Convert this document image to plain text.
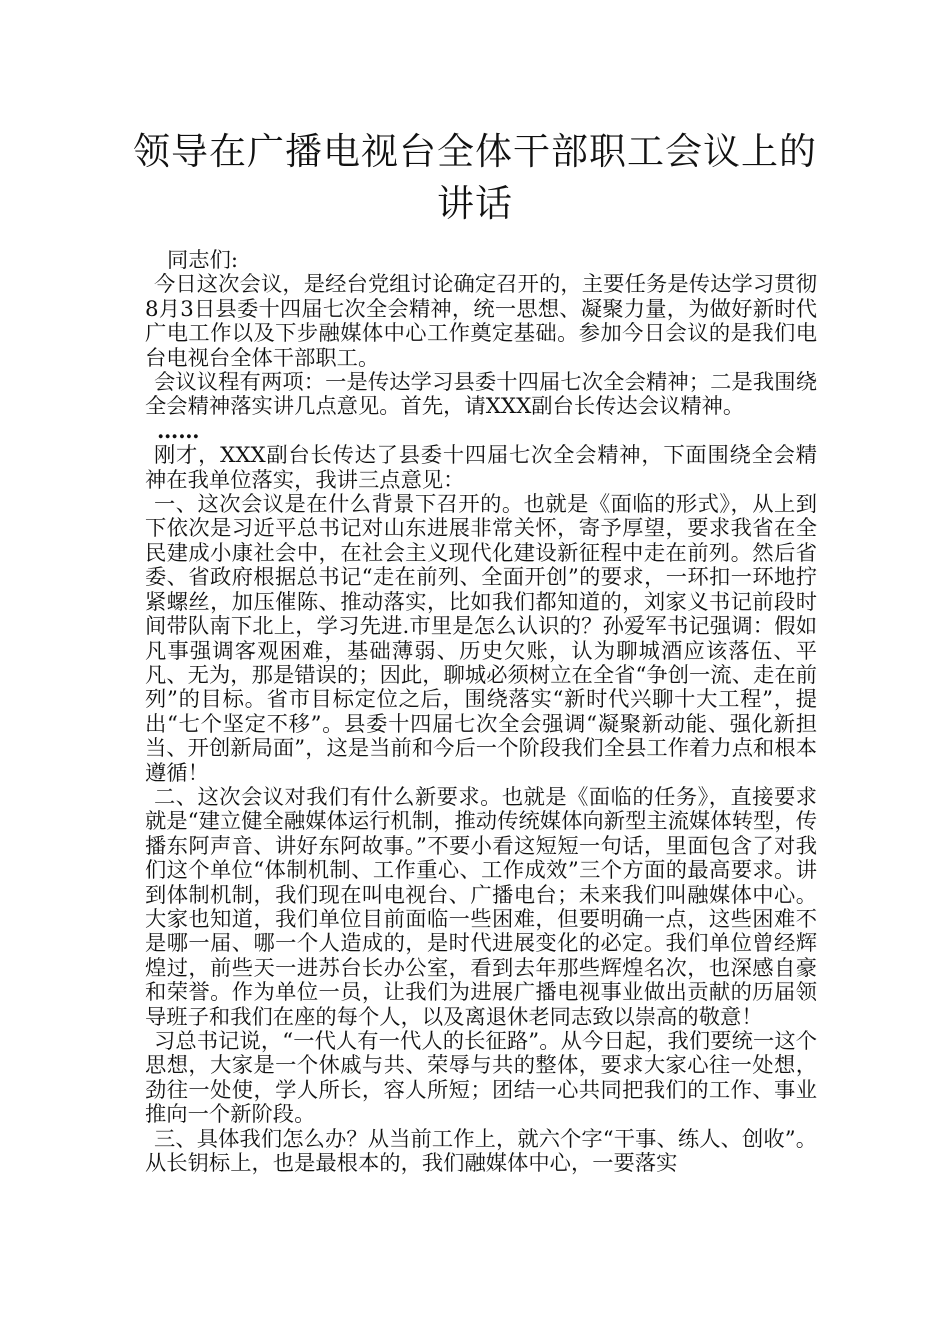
领导在广播电视台全体干部职工会议上的
讲话

同志们:

今日这次会议，是经台党组讨论确定召开的，主要任务是传达学习贯彻8月3日县委十四届七次全会精神，统一思想、凝聚力量，为做好新时代广电工作以及下步融媒体中心工作奠定基础。参加今日会议的是我们电台电视台全体干部职工。

会议议程有两项：一是传达学习县委十四届七次全会精神；二是我围绕全会精神落实讲几点意见。首先，请XXX副台长传达会议精神。

……

刚才，XXX副台长传达了县委十四届七次全会精神，下面围绕全会精神在我单位落实，我讲三点意见：

一、这次会议是在什么背景下召开的。也就是《面临的形式》，从上到下依次是习近平总书记对山东进展非常关怀，寄予厚望，要求我省在全民建成小康社会中，在社会主义现代化建设新征程中走在前列。然后省委、省政府根据总书记“走在前列、全面开创”的要求，一环扣一环地拧紧螺丝，加压催陈、推动落实，比如我们都知道的，刘家义书记前段时间带队南下北上，学习先进.市里是怎么认识的？孙爱军书记强调：假如凡事强调客观困难，基础薄弱、历史欠账，认为聊城酒应该落伍、平凡、无为，那是错误的；因此，聊城必须树立在全省“争创一流、走在前列”的目标。省市目标定位之后，围绕落实“新时代兴聊十大工程”，提出“七个坚定不移”。县委十四届七次全会强调“凝聚新动能、强化新担当、开创新局面”，这是当前和今后一个阶段我们全县工作着力点和根本遵循！

二、这次会议对我们有什么新要求。也就是《面临的任务》，直接要求就是“建立健全融媒体运行机制，推动传统媒体向新型主流媒体转型，传播东阿声音、讲好东阿故事。”不要小看这短短一句话，里面包含了对我们这个单位“体制机制、工作重心、工作成效”三个方面的最高要求。讲到体制机制，我们现在叫电视台、广播电台；未来我们叫融媒体中心。大家也知道，我们单位目前面临一些困难，但要明确一点，这些困难不是哪一届、哪一个人造成的，是时代进展变化的必定。我们单位曾经辉煌过，前些天一进苏台长办公室，看到去年那些辉煌名次，也深感自豪和荣誉。作为单位一员，让我们为进展广播电视事业做出贡献的历届领导班子和我们在座的每个人，以及离退休老同志致以崇高的敬意！

习总书记说，“一代人有一代人的长征路”。从今日起，我们要统一这个思想，大家是一个休戚与共、荣辱与共的整体，要求大家心往一处想，劲往一处使，学人所长，容人所短；团结一心共同把我们的工作、事业推向一个新阶段。

三、具体我们怎么办？从当前工作上，就六个字“干事、练人、创收”。从长钥标上，也是最根本的，我们融媒体中心，一要落实
